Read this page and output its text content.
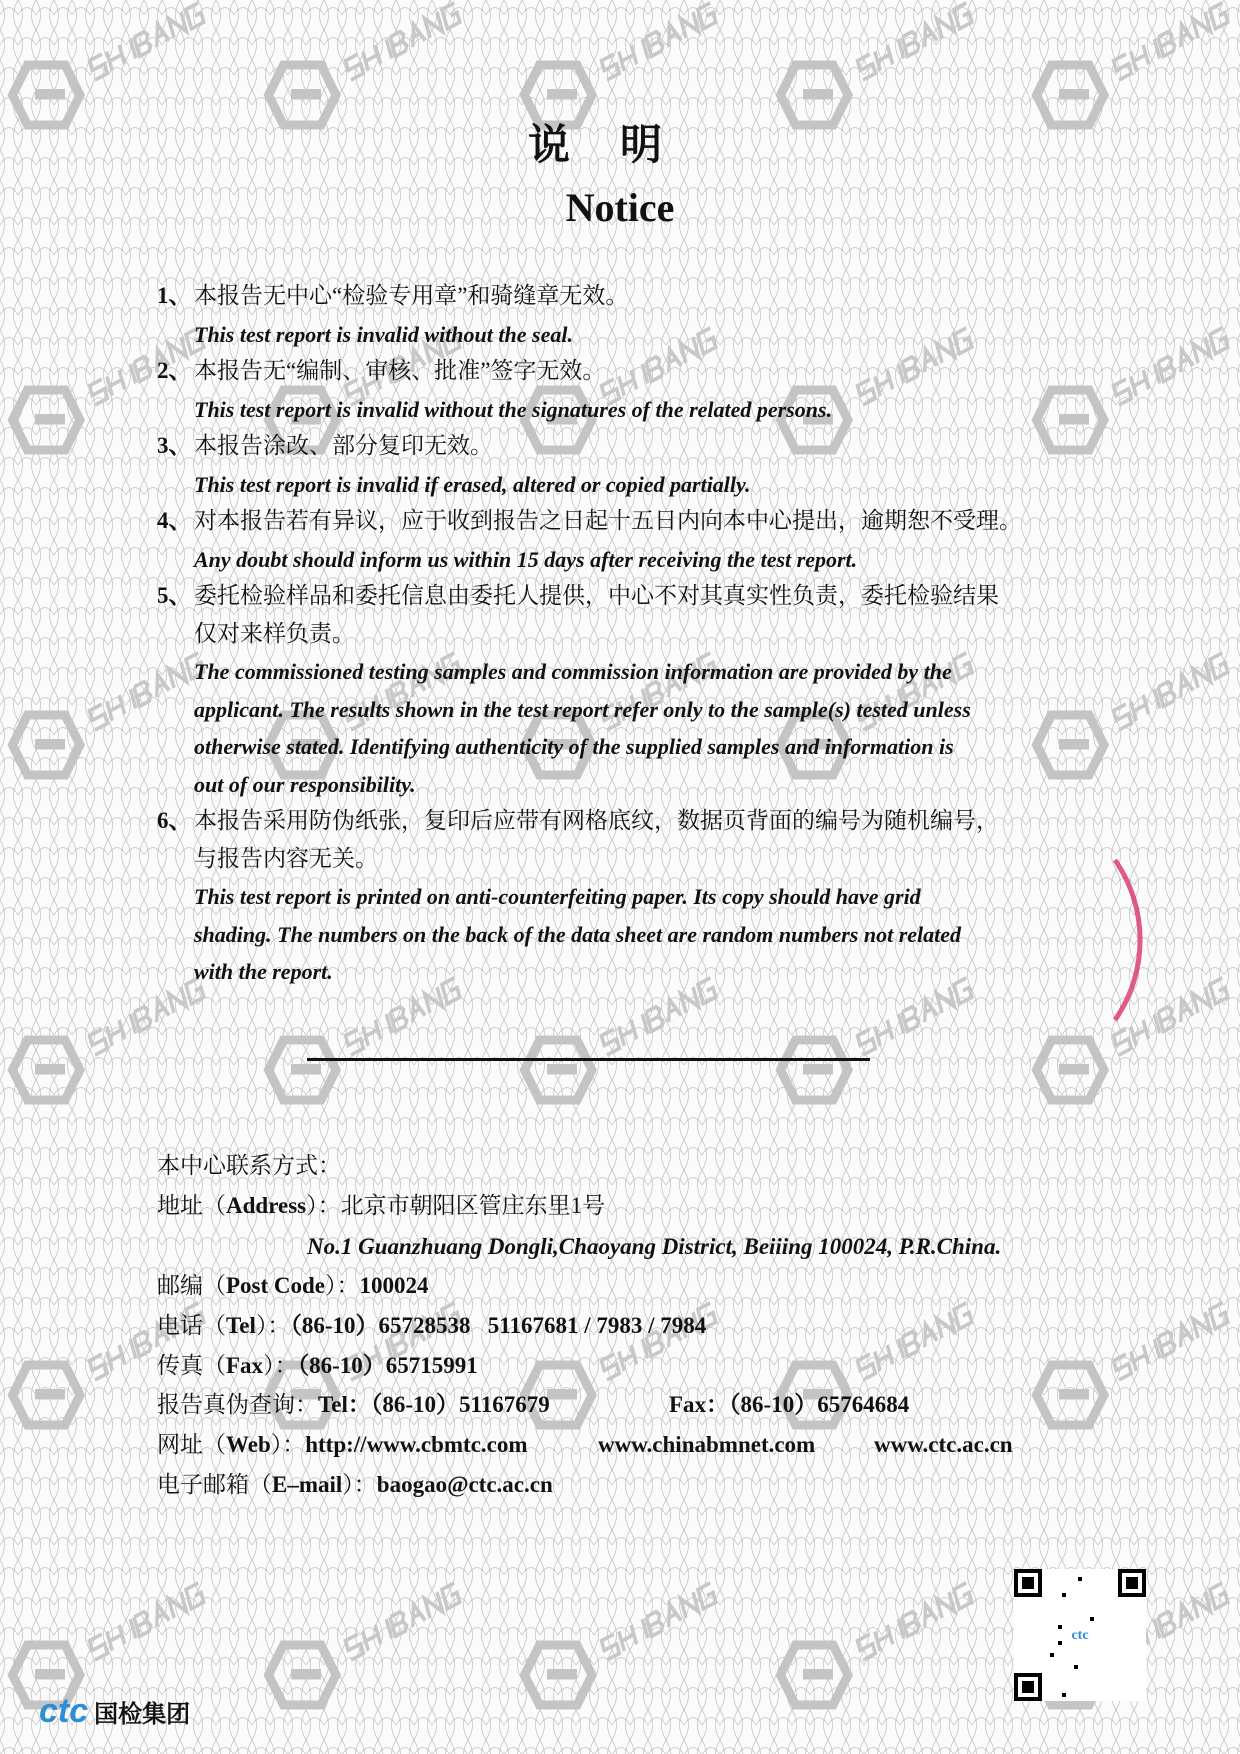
说明
Notice
1、 本报告无中心“检验专用章”和骑缝章无效。
This test report is invalid without the seal.
2、 本报告无“编制、审核、批准”签字无效。
This test report is invalid without the signatures of the related persons.
3、 本报告涂改、部分复印无效。
This test report is invalid if erased, altered or copied partially.
4、 对本报告若有异议，应于收到报告之日起十五日内向本中心提出，逾期恕不受理。
Any doubt should inform us within 15 days after receiving the test report.
5、 委托检验样品和委托信息由委托人提供，中心不对其真实性负责，委托检验结果
仅对来样负责。
The commissioned testing samples and commission information are provided by the
applicant. The results shown in the test report refer only to the sample(s) tested unless
otherwise stated. Identifying authenticity of the supplied samples and information is
out of our responsibility.
6、 本报告采用防伪纸张，复印后应带有网格底纹，数据页背面的编号为随机编号，
与报告内容无关。
This test report is printed on anti-counterfeiting paper. Its copy should have grid
shading. The numbers on the back of the data sheet are random numbers not related
with the report.
本中心联系方式：
地址（Address）：北京市朝阳区管庄东里1号
No.1 Guanzhuang Dongli,Chaoyang District, Beiiing 100024, P.R.China.
邮编（Post Code）：100024
电话（Tel）：（86-10）65728538   51167681 / 7983 / 7984
传真（Fax）：（86-10）65715991
报告真伪查询：Tel：（86-10）51167679	Fax：（86-10）65764684
网址（Web）：http://www.cbmtc.com	www.chinabmnet.com	www.ctc.ac.cn
电子邮箱（E–mail）：baogao@ctc.ac.cn
ctc 国检集团
ctc
